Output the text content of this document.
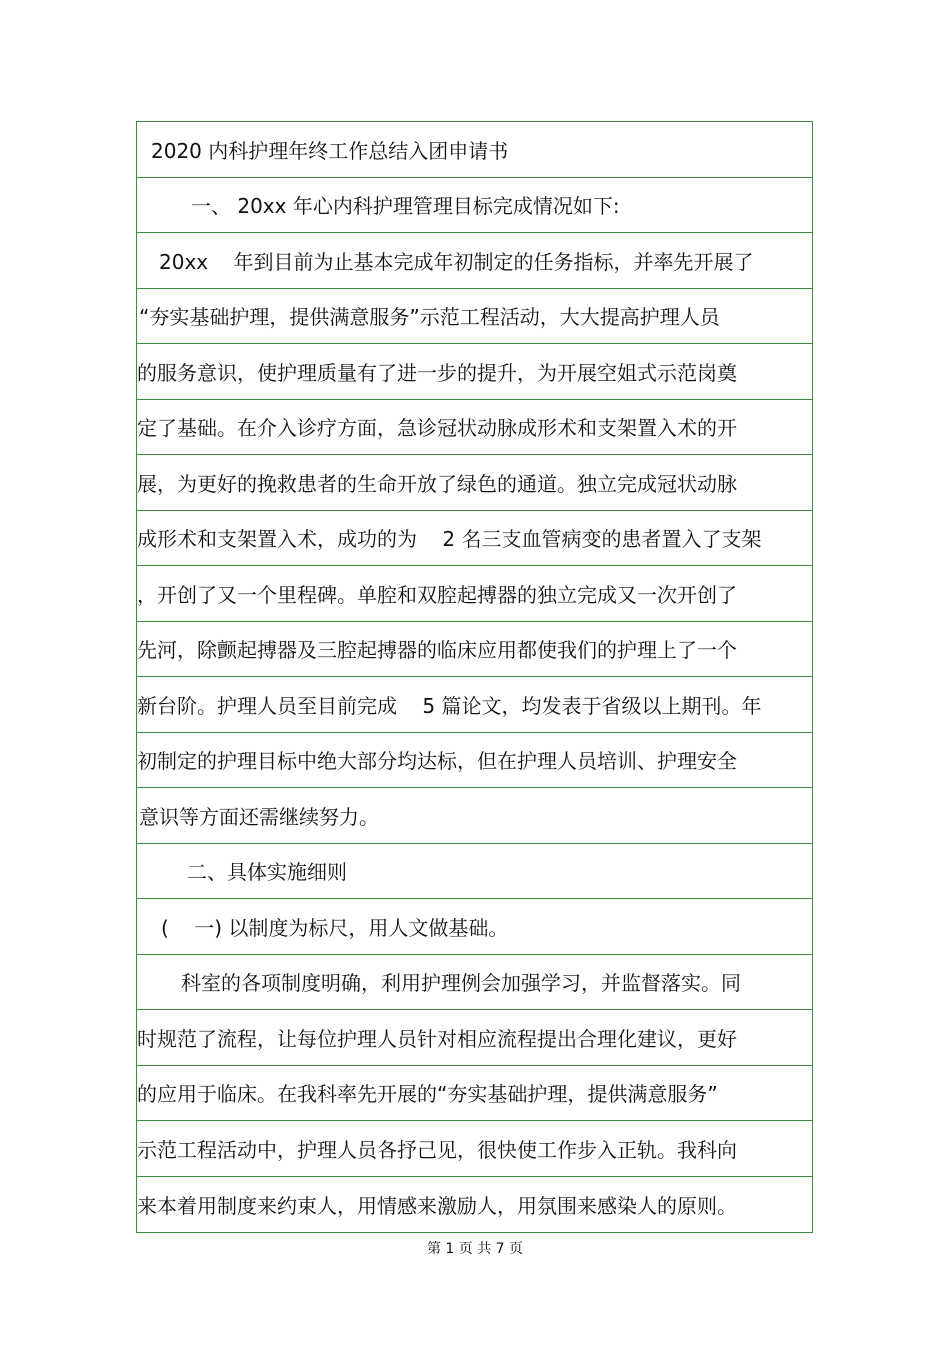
2020 内科护理年终工作总结入团申请书
一、 20xx 年心内科护理管理目标完成情况如下:
20xx    年到目前为止基本完成年初制定的任务指标，并率先开展了
“夯实基础护理，提供满意服务”示范工程活动，大大提高护理人员
的服务意识，使护理质量有了进一步的提升，为开展空姐式示范岗奠
定了基础。在介入诊疗方面，急诊冠状动脉成形术和支架置入术的开
展，为更好的挽救患者的生命开放了绿色的通道。独立完成冠状动脉
成形术和支架置入术，成功的为    2 名三支血管病变的患者置入了支架
，开创了又一个里程碑。单腔和双腔起搏器的独立完成又一次开创了
先河，除颤起搏器及三腔起搏器的临床应用都使我们的护理上了一个
新台阶。护理人员至目前完成    5 篇论文，均发表于省级以上期刊。年
初制定的护理目标中绝大部分均达标，但在护理人员培训、护理安全
意识等方面还需继续努力。
二、具体实施细则
(    一) 以制度为标尺，用人文做基础。
科室的各项制度明确，利用护理例会加强学习，并监督落实。同
时规范了流程，让每位护理人员针对相应流程提出合理化建议，更好
的应用于临床。在我科率先开展的“夯实基础护理，提供满意服务”
示范工程活动中，护理人员各抒己见，很快使工作步入正轨。我科向
来本着用制度来约束人，用情感来激励人，用氛围来感染人的原则。
第 1 页 共 7 页
